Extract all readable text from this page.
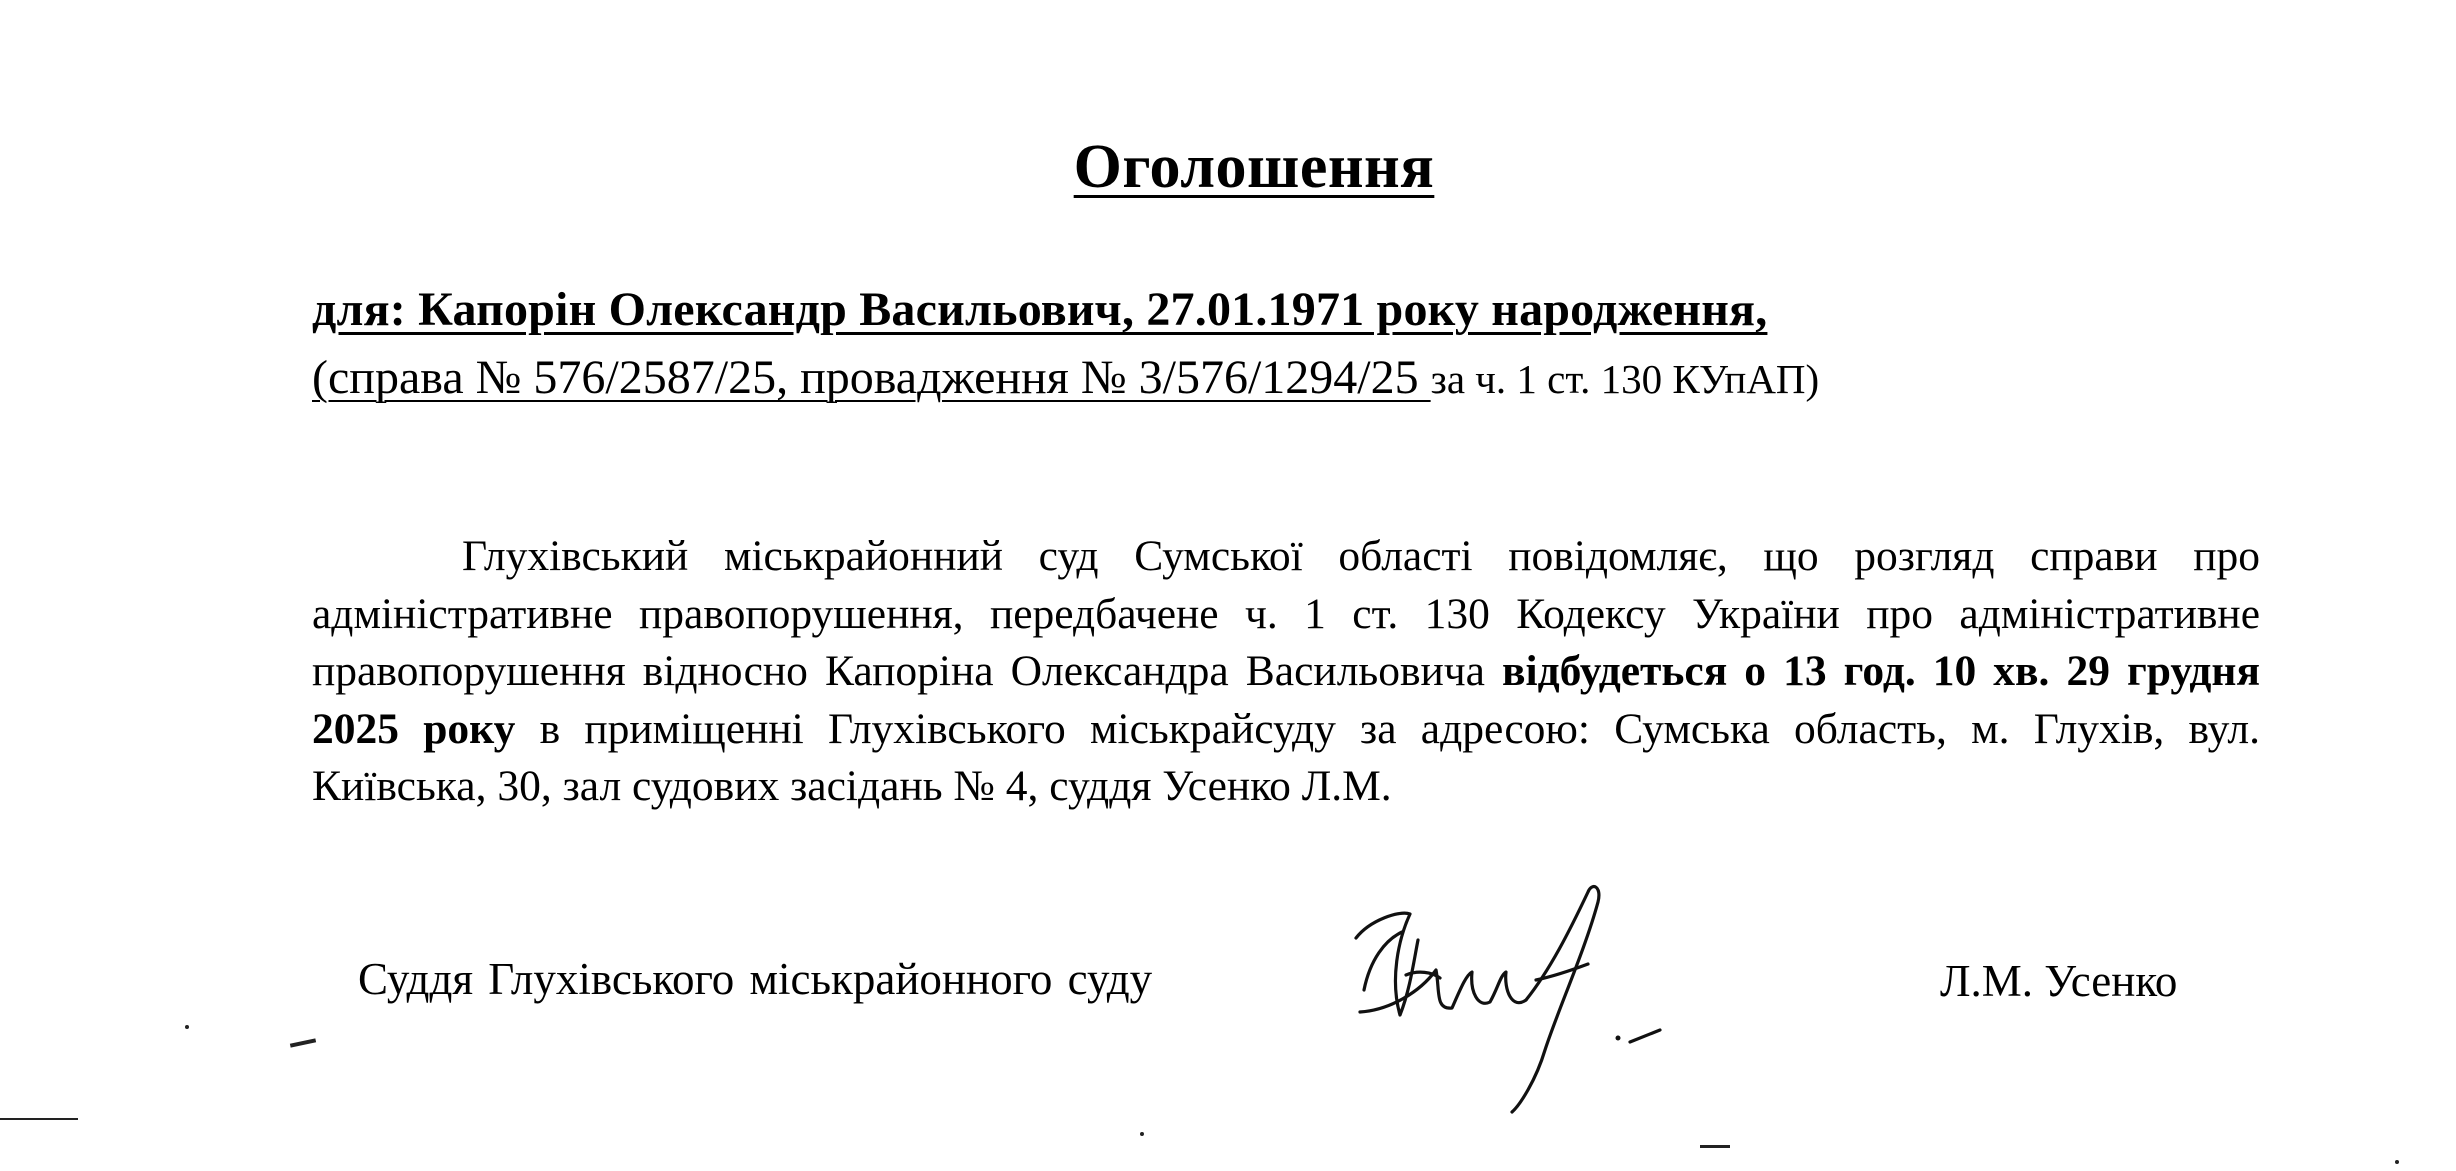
Оголошення
для: Капорін Олександр Васильович, 27.01.1971 року народження,
(справа № 576/2587/25, провадження № 3/576/1294/25 за ч. 1 ст. 130 КУпАП)
Глухівський міськрайонний суд Сумської області повідомляє, що розгляд справи про адміністративне правопорушення, передбачене ч. 1 ст. 130 Кодексу України про адміністративне правопорушення відносно Капоріна Олександра Васильовича відбудеться о 13 год. 10 хв. 29 грудня 2025 року в приміщенні Глухівського міськрайсуду за адресою: Сумська область, м. Глухів, вул. Київська, 30, зал судових засідань № 4, суддя Усенко Л.М.
Суддя Глухівського міськрайонного суду	Л.М. Усенко
